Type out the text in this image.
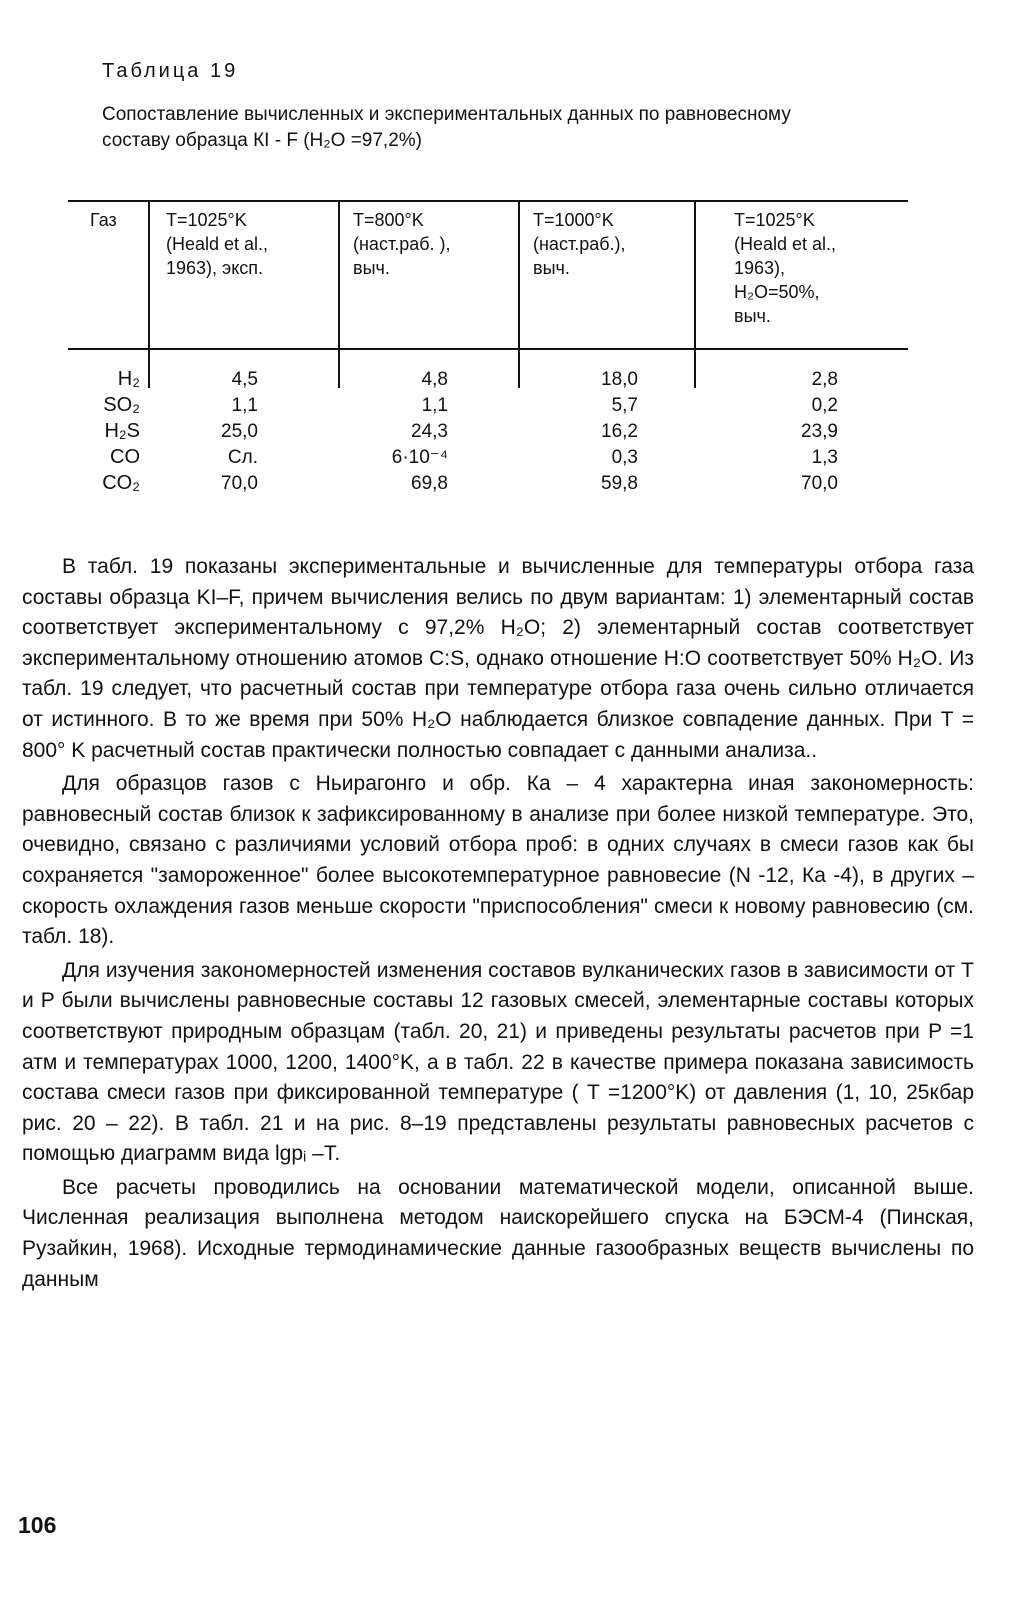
Таблица 19
Сопоставление вычисленных и экспериментальных данных по равновесному составу образца КI - F (H₂O =97,2%)
Газ	T=1025°K
(Heald et al.,
1963), эксп.
T=800°K
(наст.раб. ),
выч.
T=1000°K
(наст.раб.),
выч.
T=1025°K
(Heald et al.,
1963),
H₂O=50%,
выч.
H₂
SO₂
H₂S
CO
CO₂
4,5
1,1
25,0
Сл.
70,0
4,8
1,1
24,3
6·10⁻⁴
69,8
18,0
5,7
16,2
0,3
59,8
2,8
0,2
23,9
1,3
70,0

В табл. 19 показаны экспериментальные и вычисленные для температуры отбора газа составы образца KI–F, причем вычисления велись по двум вариантам: 1) элементарный состав соответствует экспериментальному с 97,2% H₂O; 2) элементарный состав соответствует экспериментальному отношению атомов C:S, однако отношение H:O соответствует 50% H₂O. Из табл. 19 следует, что расчетный состав при температуре отбора газа очень сильно отличается от истинного. В то же время при 50% H₂O наблюдается близкое совпадение данных. При T = 800° K расчетный состав практически полностью совпадает с данными анализа..

Для образцов газов с Ньирагонго и обр. Ка – 4 характерна иная закономерность: равновесный состав близок к зафиксированному в анализе при более низкой температуре. Это, очевидно, связано с различиями условий отбора проб: в одних случаях в смеси газов как бы сохраняется "замороженное" более высокотемпературное равновесие (N -12, Ка -4), в других – скорость охлаждения газов меньше скорости "приспособления" смеси к новому равновесию (см. табл. 18).

Для изучения закономерностей изменения составов вулканических газов в зависимости от T и P были вычислены равновесные составы 12 газовых смесей, элементарные составы которых соответствуют природным образцам (табл. 20, 21) и приведены результаты расчетов при P =1 атм и температурах 1000, 1200, 1400°K, а в табл. 22 в качестве примера показана зависимость состава смеси газов при фиксированной температуре ( T =1200°K) от давления (1, 10, 25кбар рис. 20 – 22). В табл. 21 и на рис. 8–19 представлены результаты равновесных расчетов с помощью диаграмм вида lgpᵢ –T.

Все расчеты проводились на основании математической модели, описанной выше. Численная реализация выполнена методом наискорейшего спуска на БЭСМ-4 (Пинская, Рузайкин, 1968). Исходные термодинамические данные газообразных веществ вычислены по данным

106
